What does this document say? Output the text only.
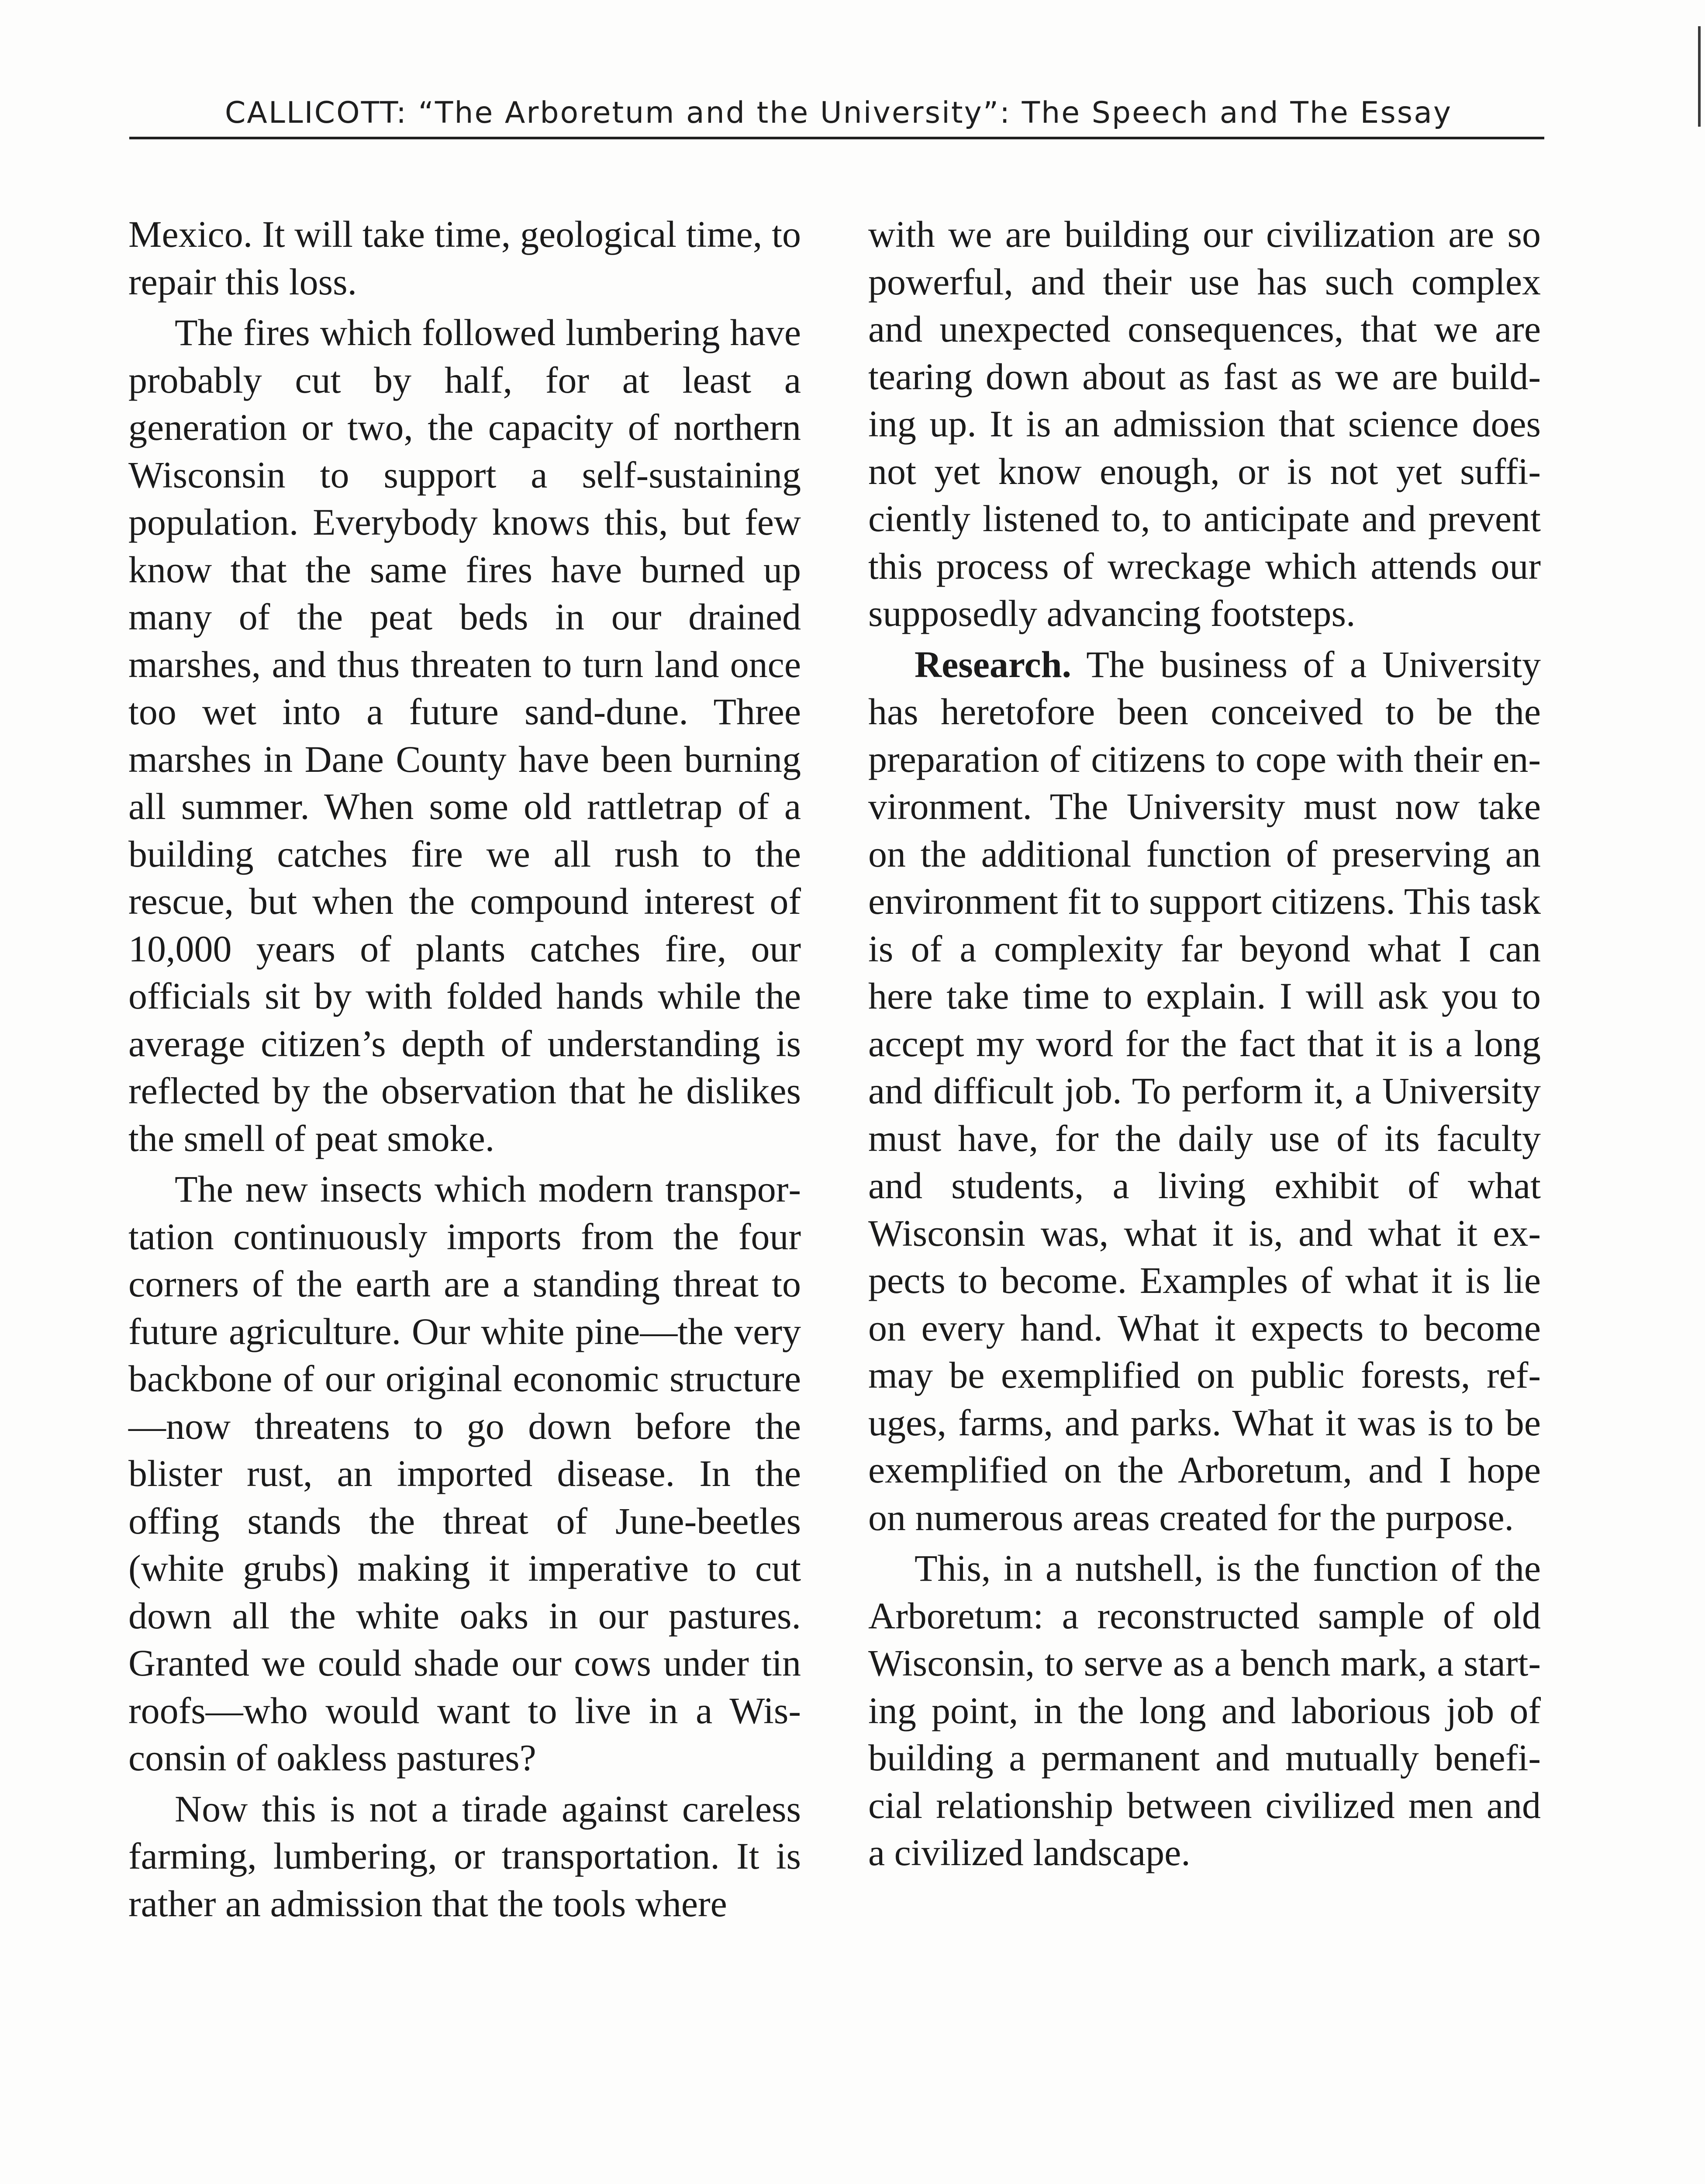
CALLICOTT: “The Arboretum and the University”: The Speech and The Essay

Mexico. It will take time, geological time, to repair this loss.

The fires which followed lumbering have probably cut by half, for at least a generation or two, the capacity of northern Wisconsin to support a self-sustaining population. Everybody knows this, but few know that the same fires have burned up many of the peat beds in our drained marshes, and thus threaten to turn land once too wet into a future sand-dune. Three marshes in Dane County have been burning all summer. When some old rattletrap of a building catches fire we all rush to the rescue, but when the compound interest of 10,000 years of plants catches fire, our officials sit by with folded hands while the average citizen’s depth of understanding is reflected by the observation that he dislikes the smell of peat smoke.

The new insects which modern transportation continuously imports from the four corners of the earth are a standing threat to future agriculture. Our white pine—the very backbone of our original economic structure—now threatens to go down before the blister rust, an imported disease. In the offing stands the threat of June-beetles (white grubs) making it imperative to cut down all the white oaks in our pastures. Granted we could shade our cows under tin roofs—who would want to live in a Wisconsin of oakless pastures?

Now this is not a tirade against careless farming, lumbering, or transportation. It is rather an admission that the tools where

with we are building our civilization are so powerful, and their use has such complex and unexpected consequences, that we are tearing down about as fast as we are building up. It is an admission that science does not yet know enough, or is not yet sufficiently listened to, to anticipate and prevent this process of wreckage which attends our supposedly advancing footsteps.

Research. The business of a University has heretofore been conceived to be the preparation of citizens to cope with their environment. The University must now take on the additional function of preserving an environment fit to support citizens. This task is of a complexity far beyond what I can here take time to explain. I will ask you to accept my word for the fact that it is a long and difficult job. To perform it, a University must have, for the daily use of its faculty and students, a living exhibit of what Wisconsin was, what it is, and what it expects to become. Examples of what it is lie on every hand. What it expects to become may be exemplified on public forests, refuges, farms, and parks. What it was is to be exemplified on the Arboretum, and I hope on numerous areas created for the purpose.

This, in a nutshell, is the function of the Arboretum: a reconstructed sample of old Wisconsin, to serve as a bench mark, a starting point, in the long and laborious job of building a permanent and mutually beneficial relationship between civilized men and a civilized landscape.
